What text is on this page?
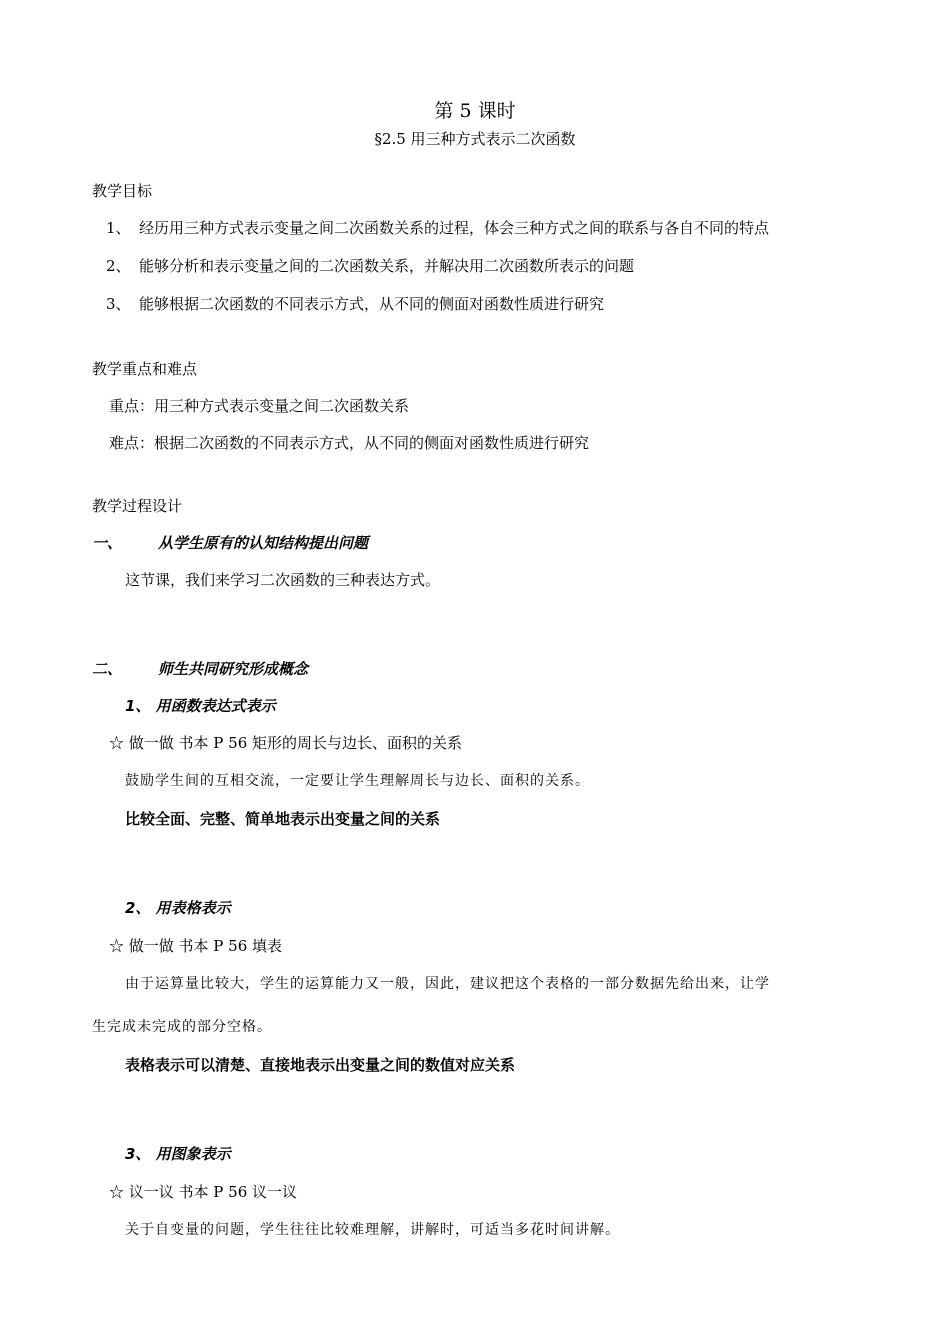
第 5 课时
§2.5 用三种方式表示二次函数
教学目标
1、 经历用三种方式表示变量之间二次函数关系的过程，体会三种方式之间的联系与各自不同的特点
2、 能够分析和表示变量之间的二次函数关系，并解决用二次函数所表示的问题
3、 能够根据二次函数的不同表示方式，从不同的侧面对函数性质进行研究
教学重点和难点
重点：用三种方式表示变量之间二次函数关系
难点：根据二次函数的不同表示方式，从不同的侧面对函数性质进行研究
教学过程设计
一、 从学生原有的认知结构提出问题
这节课，我们来学习二次函数的三种表达方式。
二、 师生共同研究形成概念
1、 用函数表达式表示
☆ 做一做 书本 P 56 矩形的周长与边长、面积的关系
鼓励学生间的互相交流，一定要让学生理解周长与边长、面积的关系。
比较全面、完整、简单地表示出变量之间的关系
2、 用表格表示
☆ 做一做 书本 P 56 填表
由于运算量比较大，学生的运算能力又一般，因此，建议把这个表格的一部分数据先给出来，让学
生完成未完成的部分空格。
表格表示可以清楚、直接地表示出变量之间的数值对应关系
3、 用图象表示
☆ 议一议 书本 P 56 议一议
关于自变量的问题，学生往往比较难理解，讲解时，可适当多花时间讲解。
